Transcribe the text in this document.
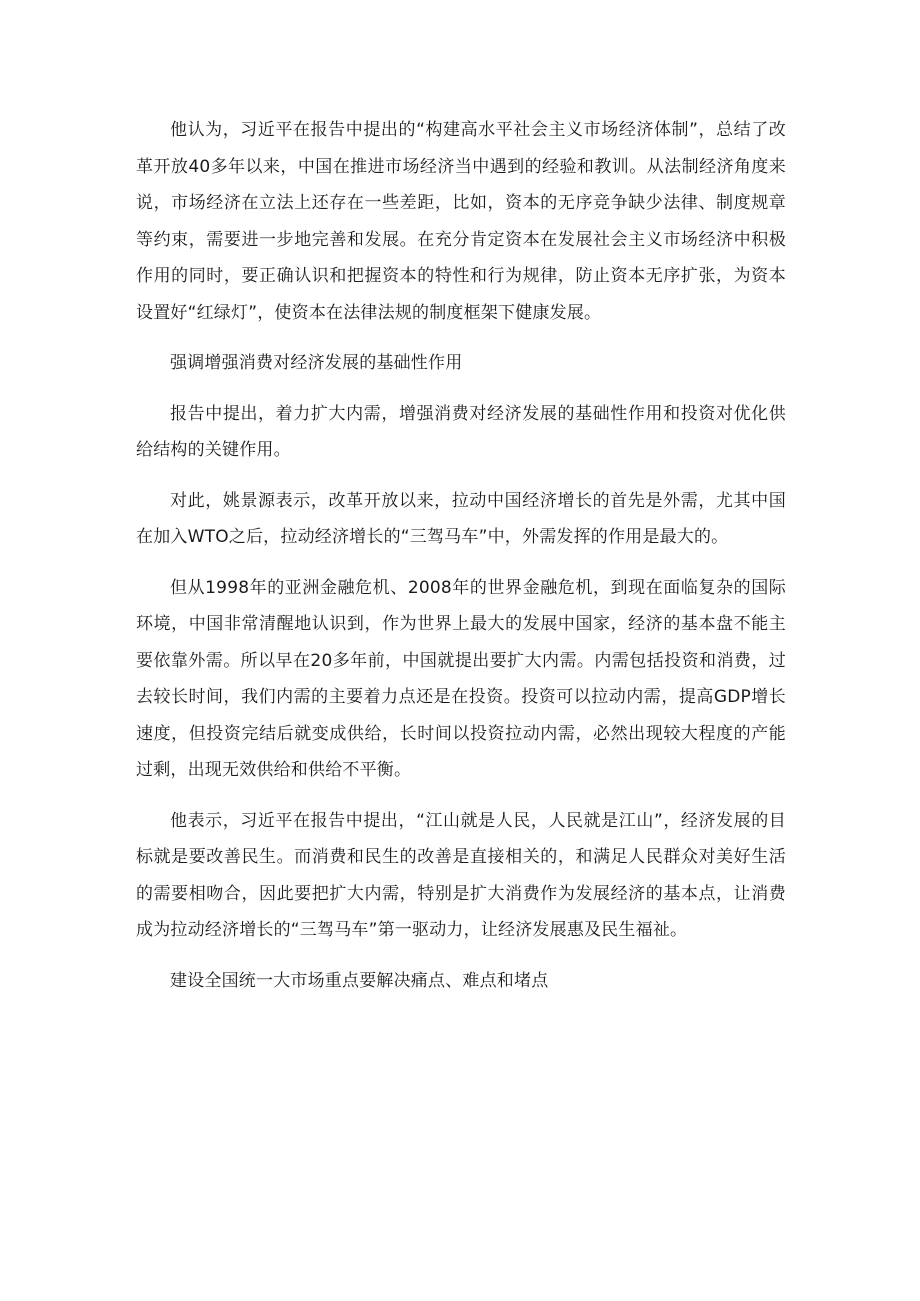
他认为，习近平在报告中提出的“构建高水平社会主义市场经济体制”，总结了改革开放40多年以来，中国在推进市场经济当中遇到的经验和教训。从法制经济角度来说，市场经济在立法上还存在一些差距，比如，资本的无序竞争缺少法律、制度规章等约束，需要进一步地完善和发展。在充分肯定资本在发展社会主义市场经济中积极作用的同时，要正确认识和把握资本的特性和行为规律，防止资本无序扩张，为资本设置好“红绿灯”，使资本在法律法规的制度框架下健康发展。

强调增强消费对经济发展的基础性作用

报告中提出，着力扩大内需，增强消费对经济发展的基础性作用和投资对优化供给结构的关键作用。

对此，姚景源表示，改革开放以来，拉动中国经济增长的首先是外需，尤其中国在加入WTO之后，拉动经济增长的“三驾马车”中，外需发挥的作用是最大的。

但从1998年的亚洲金融危机、2008年的世界金融危机，到现在面临复杂的国际环境，中国非常清醒地认识到，作为世界上最大的发展中国家，经济的基本盘不能主要依靠外需。所以早在20多年前，中国就提出要扩大内需。内需包括投资和消费，过去较长时间，我们内需的主要着力点还是在投资。投资可以拉动内需，提高GDP增长速度，但投资完结后就变成供给，长时间以投资拉动内需，必然出现较大程度的产能过剩，出现无效供给和供给不平衡。

他表示，习近平在报告中提出，“江山就是人民，人民就是江山”，经济发展的目标就是要改善民生。而消费和民生的改善是直接相关的，和满足人民群众对美好生活的需要相吻合，因此要把扩大内需，特别是扩大消费作为发展经济的基本点，让消费成为拉动经济增长的“三驾马车”第一驱动力，让经济发展惠及民生福祉。

建设全国统一大市场重点要解决痛点、难点和堵点
